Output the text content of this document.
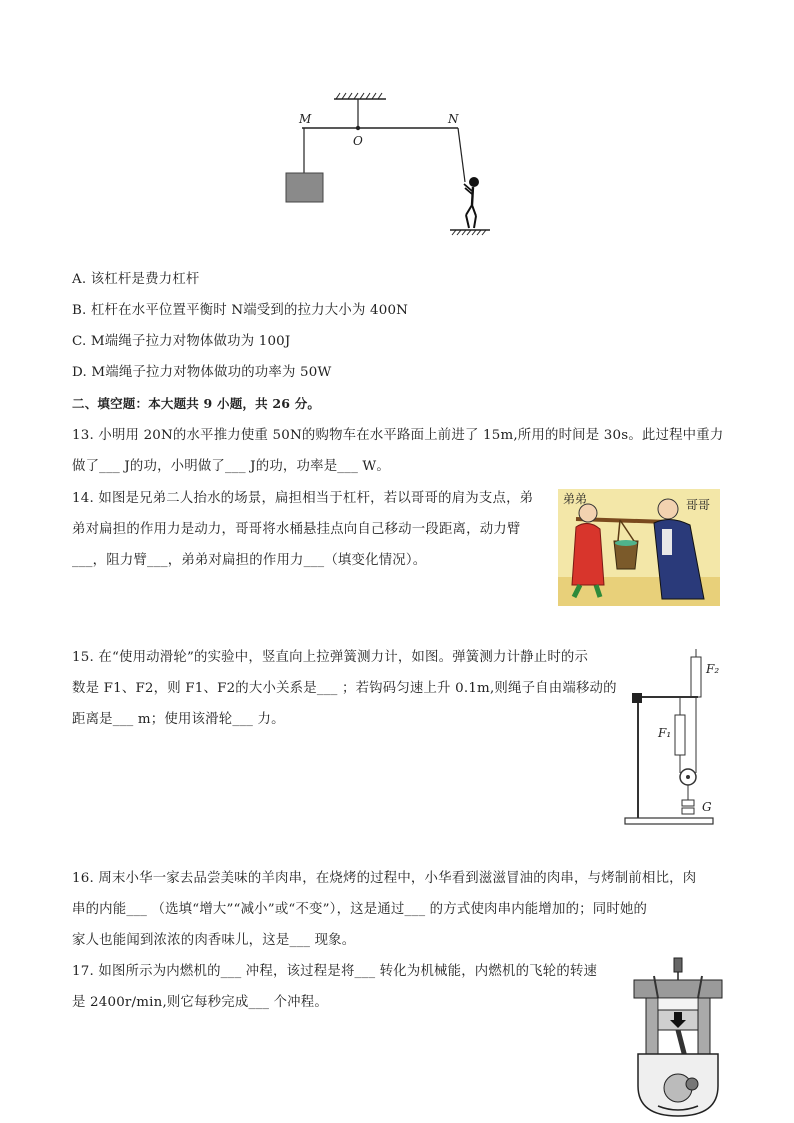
M
O
N
A. 该杠杆是费力杠杆
B. 杠杆在水平位置平衡时 N端受到的拉力大小为 400N
C. M端绳子拉力对物体做功为 100J
D. M端绳子拉力对物体做功的功率为 50W
二、填空题：本大题共 9 小题，共 26 分。
13. 小明用 20N的水平推力使重 50N的购物车在水平路面上前进了 15m,所用的时间是 30s。此过程中重力
做了___ J的功，小明做了___ J的功，功率是___ W。
14. 如图是兄弟二人抬水的场景，扁担相当于杠杆，若以哥哥的肩为支点，弟
弟对扁担的作用力是动力，哥哥将水桶悬挂点向自己移动一段距离，动力臂
___，阻力臂___，弟弟对扁担的作用力___（填变化情况）。
弟弟	哥哥
15. 在“使用动滑轮”的实验中，竖直向上拉弹簧测力计，如图。弹簧测力计静止时的示
数是 F1、F2，则 F1、F2的大小关系是___ ；若钩码匀速上升 0.1m,则绳子自由端移动的
距离是___ m；使用该滑轮___ 力。
F₁
F₂
G
16. 周末小华一家去品尝美味的羊肉串，在烧烤的过程中，小华看到滋滋冒油的肉串，与烤制前相比，肉
串的内能___ （选填“增大”“减小”或“不变”），这是通过___ 的方式使肉串内能增加的；同时她的
家人也能闻到浓浓的肉香味儿，这是___ 现象。
17. 如图所示为内燃机的___ 冲程，该过程是将___ 转化为机械能，内燃机的飞轮的转速
是 2400r/min,则它每秒完成___ 个冲程。
